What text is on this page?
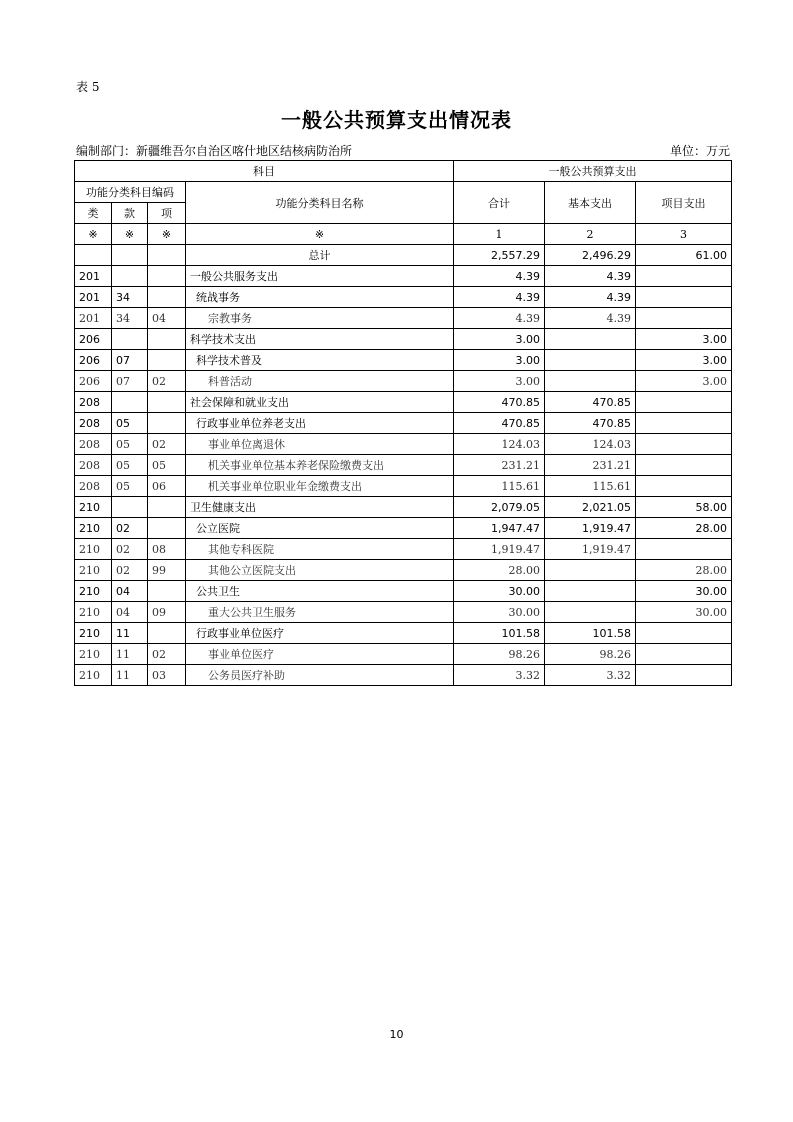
表 5
一般公共预算支出情况表
编制部门：新疆维吾尔自治区喀什地区结核病防治所	单位：万元
科目				一般公共预算支出		
功能分类科目编码			功能分类科目名称	合计	基本支出	项目支出
类	款	项				
※	※	※	※	1	2	3
			总计	2,557.29	2,496.29	61.00
201			一般公共服务支出	4.39	4.39	
201	34		统战事务	4.39	4.39	
201	34	04	宗教事务	4.39	4.39	
206			科学技术支出	3.00		3.00
206	07		科学技术普及	3.00		3.00
206	07	02	科普活动	3.00		3.00
208			社会保障和就业支出	470.85	470.85	
208	05		行政事业单位养老支出	470.85	470.85	
208	05	02	事业单位离退休	124.03	124.03	
208	05	05	机关事业单位基本养老保险缴费支出	231.21	231.21	
208	05	06	机关事业单位职业年金缴费支出	115.61	115.61	
210			卫生健康支出	2,079.05	2,021.05	58.00
210	02		公立医院	1,947.47	1,919.47	28.00
210	02	08	其他专科医院	1,919.47	1,919.47	
210	02	99	其他公立医院支出	28.00		28.00
210	04		公共卫生	30.00		30.00
210	04	09	重大公共卫生服务	30.00		30.00
210	11		行政事业单位医疗	101.58	101.58	
210	11	02	事业单位医疗	98.26	98.26	
210	11	03	公务员医疗补助	3.32	3.32	
10
